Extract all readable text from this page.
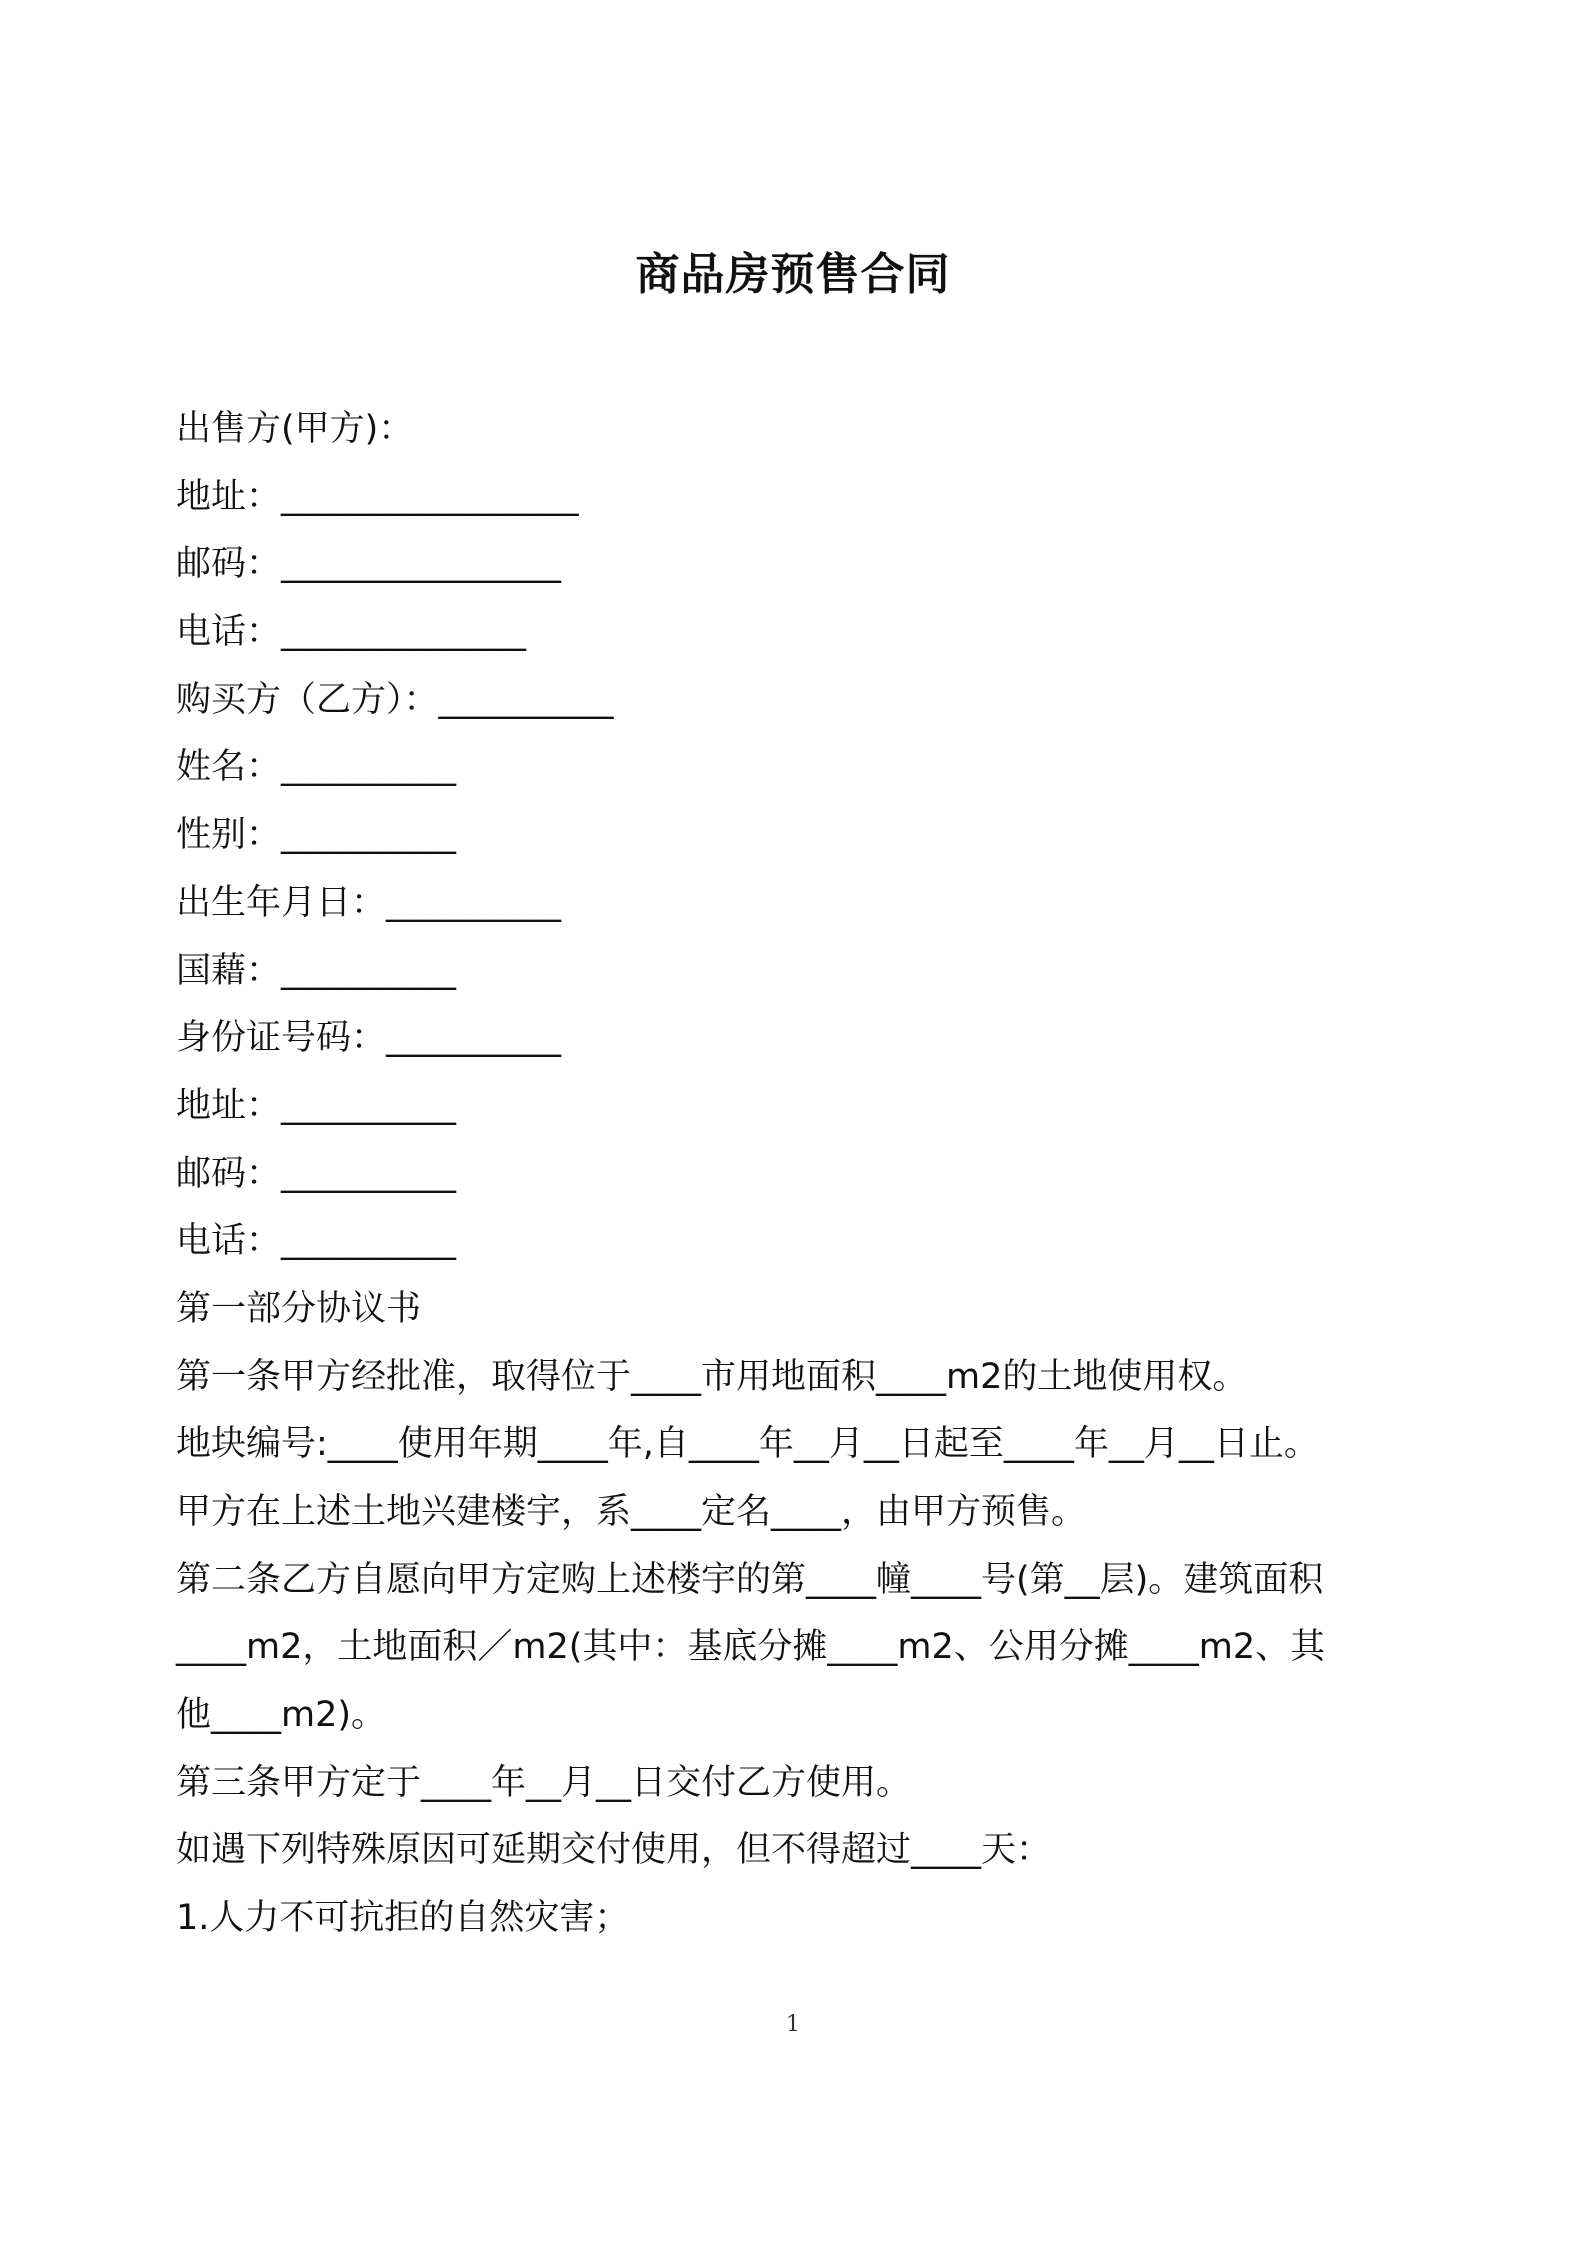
商品房预售合同

出售方(甲方)：

地址：_________________

邮码：________________

电话：______________

购买方（乙方）：__________

姓名：__________

性别：__________

出生年月日：__________

国藉：__________

身份证号码：__________

地址：__________

邮码：__________

电话：__________

第一部分协议书

第一条甲方经批准，取得位于____市用地面积____m2的土地使用权。

地块编号:____使用年期____年,自____年__月__日起至____年__月__日止。

甲方在上述土地兴建楼宇，系____定名____，由甲方预售。

第二条乙方自愿向甲方定购上述楼宇的第____幢____号(第__层)。建筑面积

____m2，土地面积／m2(其中：基底分摊____m2、公用分摊____m2、其

他____m2)。

第三条甲方定于____年__月__日交付乙方使用。

如遇下列特殊原因可延期交付使用，但不得超过____天：

1.人力不可抗拒的自然灾害；

1
